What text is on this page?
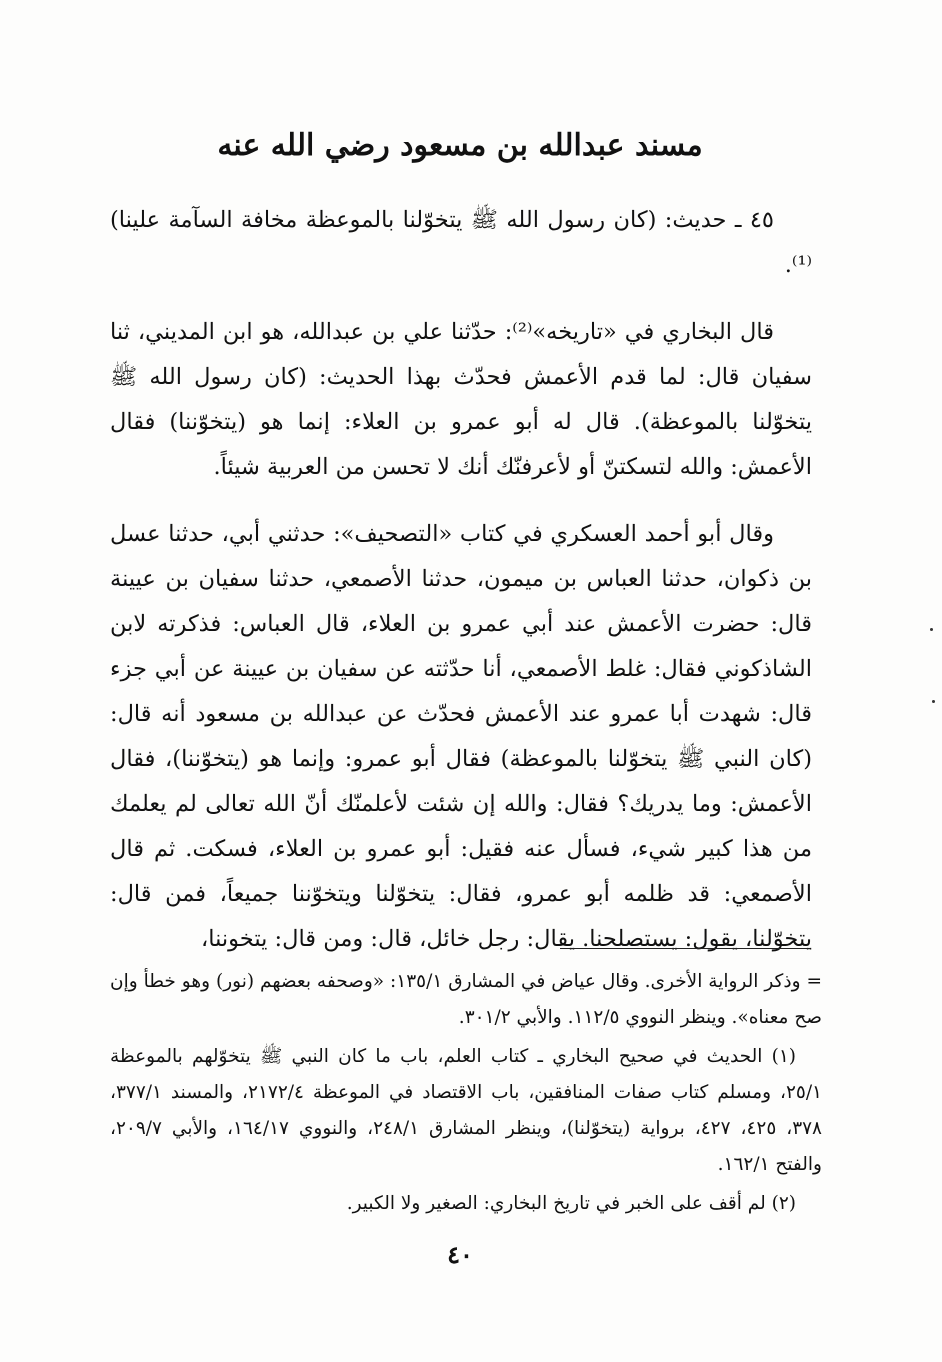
مسند عبدالله بن مسعود رضي الله عنه

٤٥ ـ حديث: (كان رسول الله ﷺ يتخوّلنا بالموعظة مخافة السآمة علينا)⁽¹⁾.

قال البخاري في «تاريخه»⁽²⁾: حدّثنا علي بن عبدالله، هو ابن المديني، ثنا سفيان قال: لما قدم الأعمش فحدّث بهذا الحديث: (كان رسول الله ﷺ يتخوّلنا بالموعظة). قال له أبو عمرو بن العلاء: إنما هو (يتخوّننا) فقال الأعمش: والله لتسكتنّ أو لأعرفنّك أنك لا تحسن من العربية شيئاً.

وقال أبو أحمد العسكري في كتاب «التصحيف»: حدثني أبي، حدثنا عسل بن ذكوان، حدثنا العباس بن ميمون، حدثنا الأصمعي، حدثنا سفيان بن عيينة قال: حضرت الأعمش عند أبي عمرو بن العلاء، قال العباس: فذكرته لابن الشاذكوني فقال: غلط الأصمعي، أنا حدّثته عن سفيان بن عيينة عن أبي جزء قال: شهدت أبا عمرو عند الأعمش فحدّث عن عبدالله بن مسعود أنه قال: (كان النبي ﷺ يتخوّلنا بالموعظة) فقال أبو عمرو: وإنما هو (يتخوّننا)، فقال الأعمش: وما يدريك؟ فقال: والله إن شئت لأعلمنّك أنّ الله تعالى لم يعلمك من هذا كبير شيء، فسأل عنه فقيل: أبو عمرو بن العلاء، فسكت. ثم قال الأصمعي: قد ظلمه أبو عمرو، فقال: يتخوّلنا ويتخوّننا جميعاً، فمن قال: يتخوّلنا، يقول: يستصلحنا. يقال: رجل خائل، قال: ومن قال: يتخوننا،

= وذكر الرواية الأخرى. وقال عياض في المشارق ١٣٥/١: «وصحفه بعضهم (نور) وهو خطأ وإن صح معناه». وينظر النووي ١١٢/٥. والأبي ٣٠١/٢.

(١) الحديث في صحيح البخاري ـ كتاب العلم، باب ما كان النبي ﷺ يتخوّلهم بالموعظة ٢٥/١، ومسلم كتاب صفات المنافقين، باب الاقتصاد في الموعظة ٢١٧٢/٤، والمسند ٣٧٧/١، ٣٧٨، ٤٢٥، ٤٢٧، برواية (يتخوّلنا)، وينظر المشارق ٢٤٨/١، والنووي ١٦٤/١٧، والأبي ٢٠٩/٧، والفتح ١٦٢/١.

(٢) لم أقف على الخبر في تاريخ البخاري: الصغير ولا الكبير.

٤٠
